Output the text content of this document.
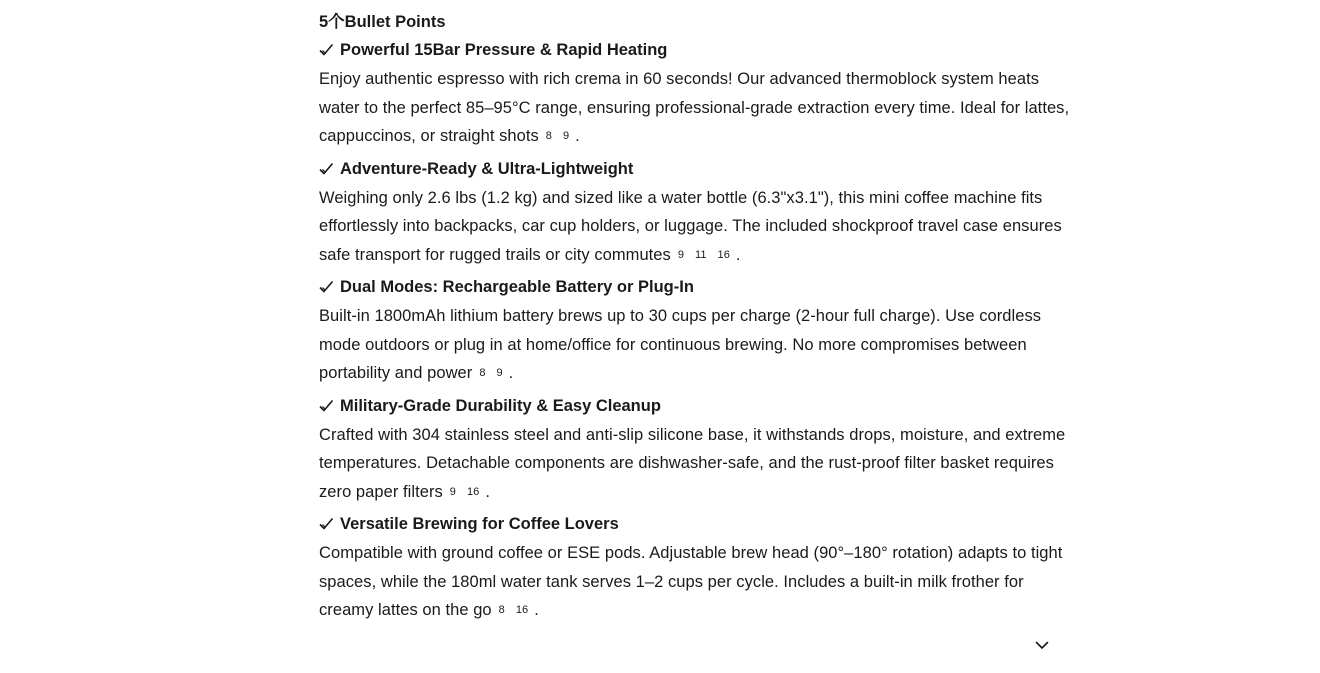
5个Bullet Points
Powerful 15Bar Pressure & Rapid Heating
Enjoy authentic espresso with rich crema in 60 seconds! Our advanced thermoblock system heats water to the perfect 85–95°C range, ensuring professional-grade extraction every time. Ideal for lattes, cappuccinos, or straight shots 8 9 .
Adventure-Ready & Ultra-Lightweight
Weighing only 2.6 lbs (1.2 kg) and sized like a water bottle (6.3"x3.1"), this mini coffee machine fits effortlessly into backpacks, car cup holders, or luggage. The included shockproof travel case ensures safe transport for rugged trails or city commutes 9 11 16 .
Dual Modes: Rechargeable Battery or Plug-In
Built-in 1800mAh lithium battery brews up to 30 cups per charge (2-hour full charge). Use cordless mode outdoors or plug in at home/office for continuous brewing. No more compromises between portability and power 8 9 .
Military-Grade Durability & Easy Cleanup
Crafted with 304 stainless steel and anti-slip silicone base, it withstands drops, moisture, and extreme temperatures. Detachable components are dishwasher-safe, and the rust-proof filter basket requires zero paper filters 9 16 .
Versatile Brewing for Coffee Lovers
Compatible with ground coffee or ESE pods. Adjustable brew head (90°–180° rotation) adapts to tight spaces, while the 180ml water tank serves 1–2 cups per cycle. Includes a built-in milk frother for creamy lattes on the go 8 16 .
